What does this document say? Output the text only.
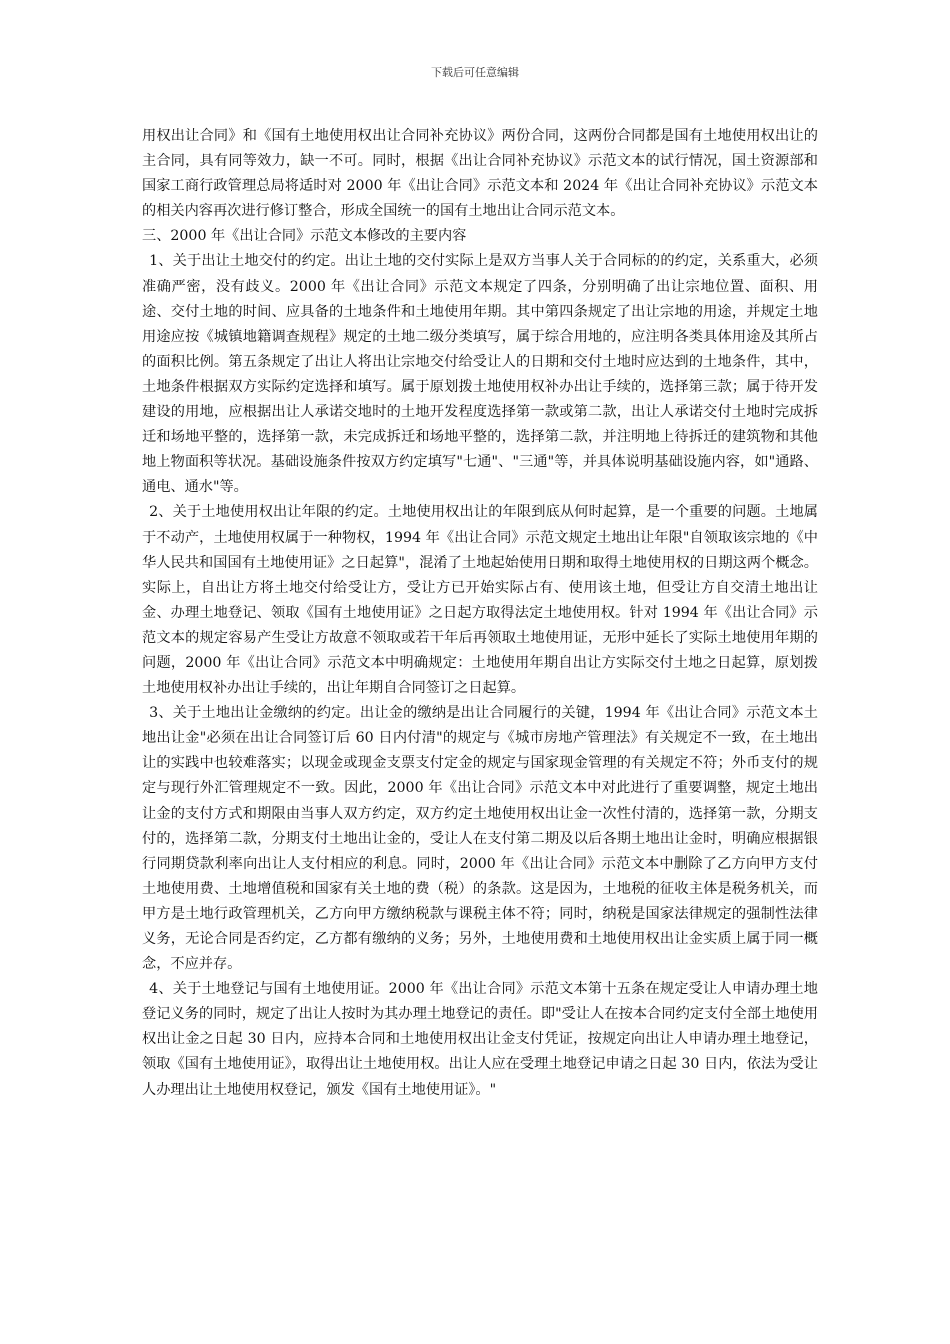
下载后可任意编辑

用权出让合同》和《国有土地使用权出让合同补充协议》两份合同，这两份合同都是国有土地使用权出让的主合同，具有同等效力，缺一不可。同时，根据《出让合同补充协议》示范文本的试行情况，国土资源部和国家工商行政管理总局将适时对 2000 年《出让合同》示范文本和 2024 年《出让合同补充协议》示范文本的相关内容再次进行修订整合，形成全国统一的国有土地出让合同示范文本。

三、2000 年《出让合同》示范文本修改的主要内容

1、关于出让土地交付的约定。出让土地的交付实际上是双方当事人关于合同标的的约定，关系重大，必须准确严密，没有歧义。2000 年《出让合同》示范文本规定了四条，分别明确了出让宗地位置、面积、用途、交付土地的时间、应具备的土地条件和土地使用年期。其中第四条规定了出让宗地的用途，并规定土地用途应按《城镇地籍调查规程》规定的土地二级分类填写，属于综合用地的，应注明各类具体用途及其所占的面积比例。第五条规定了出让人将出让宗地交付给受让人的日期和交付土地时应达到的土地条件，其中，土地条件根据双方实际约定选择和填写。属于原划拨土地使用权补办出让手续的，选择第三款；属于待开发建设的用地，应根据出让人承诺交地时的土地开发程度选择第一款或第二款，出让人承诺交付土地时完成拆迁和场地平整的，选择第一款，未完成拆迁和场地平整的，选择第二款，并注明地上待拆迁的建筑物和其他地上物面积等状况。基础设施条件按双方约定填写"七通"、"三通"等，并具体说明基础设施内容，如"通路、通电、通水"等。

2、关于土地使用权出让年限的约定。土地使用权出让的年限到底从何时起算，是一个重要的问题。土地属于不动产，土地使用权属于一种物权，1994 年《出让合同》示范文规定土地出让年限"自领取该宗地的《中华人民共和国国有土地使用证》之日起算"，混淆了土地起始使用日期和取得土地使用权的日期这两个概念。实际上，自出让方将土地交付给受让方，受让方已开始实际占有、使用该土地，但受让方自交清土地出让金、办理土地登记、领取《国有土地使用证》之日起方取得法定土地使用权。针对 1994 年《出让合同》示范文本的规定容易产生受让方故意不领取或若干年后再领取土地使用证，无形中延长了实际土地使用年期的问题，2000 年《出让合同》示范文本中明确规定：土地使用年期自出让方实际交付土地之日起算，原划拨土地使用权补办出让手续的，出让年期自合同签订之日起算。

3、关于土地出让金缴纳的约定。出让金的缴纳是出让合同履行的关键，1994 年《出让合同》示范文本土地出让金"必须在出让合同签订后 60 日内付清"的规定与《城市房地产管理法》有关规定不一致，在土地出让的实践中也较难落实；以现金或现金支票支付定金的规定与国家现金管理的有关规定不符；外币支付的规定与现行外汇管理规定不一致。因此，2000 年《出让合同》示范文本中对此进行了重要调整，规定土地出让金的支付方式和期限由当事人双方约定，双方约定土地使用权出让金一次性付清的，选择第一款，分期支付的，选择第二款，分期支付土地出让金的，受让人在支付第二期及以后各期土地出让金时，明确应根据银行同期贷款利率向出让人支付相应的利息。同时，2000 年《出让合同》示范文本中删除了乙方向甲方支付土地使用费、土地增值税和国家有关土地的费（税）的条款。这是因为，土地税的征收主体是税务机关，而甲方是土地行政管理机关，乙方向甲方缴纳税款与课税主体不符；同时，纳税是国家法律规定的强制性法律义务，无论合同是否约定，乙方都有缴纳的义务；另外，土地使用费和土地使用权出让金实质上属于同一概念，不应并存。

4、关于土地登记与国有土地使用证。2000 年《出让合同》示范文本第十五条在规定受让人申请办理土地登记义务的同时，规定了出让人按时为其办理土地登记的责任。即"受让人在按本合同约定支付全部土地使用权出让金之日起 30 日内，应持本合同和土地使用权出让金支付凭证，按规定向出让人申请办理土地登记，领取《国有土地使用证》，取得出让土地使用权。出让人应在受理土地登记申请之日起 30 日内，依法为受让人办理出让土地使用权登记，颁发《国有土地使用证》。"
